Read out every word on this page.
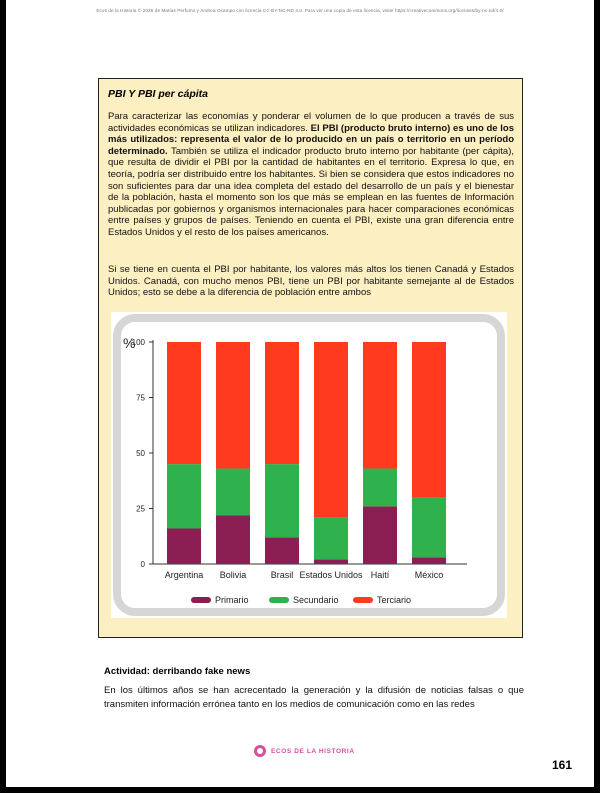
Ecos de la Historia © 2026 de Matías Perfumo y Andrea Ocampo con licencia CC BY-NC-ND 4.0. Para ver una copia de esta licencia, visite https://creativecommons.org/licenses/by-nc-nd/4.0/
PBI Y PBI per cápita

Para caracterizar las economías y ponderar el volumen de lo que producen a través de sus actividades económicas se utilizan indicadores. El PBI (producto bruto interno) es uno de los más utilizados: representa el valor de lo producido en un país o territorio en un período determinado. También se utiliza el indicador producto bruto interno por habitante (per cápita), que resulta de dividir el PBI por la cantidad de habitantes en el territorio. Expresa lo que, en teoría, podría ser distribuido entre los habitantes. Si bien se considera que estos indicadores no son suficientes para dar una idea completa del estado del desarrollo de un país y el bienestar de la población, hasta el momento son los que más se emplean en las fuentes de Información publicadas por gobiernos y organismos internacionales para hacer comparaciones económicas entre países y grupos de países. Teniendo en cuenta el PBI, existe una gran diferencia entre Estados Unidos y el resto de los países americanos.

Si se tiene en cuenta el PBI por habitante, los valores más altos los tienen Canadá y Estados Unidos. Canadá, con mucho menos PBI, tiene un PBI por habitante semejante al de Estados Unidos; esto se debe a la diferencia de población entre ambos

%
0
25
50
75
100
Argentina Bolivia	Brasil Estados Unidos Haití	México
Primario	Secundario	Terciario
Actividad: derribando fake news

En los últimos años se han acrecentado la generación y la difusión de noticias falsas o que transmiten información errónea tanto en los medios de comunicación como en las redes

ECOS DE LA HISTORIA
161
